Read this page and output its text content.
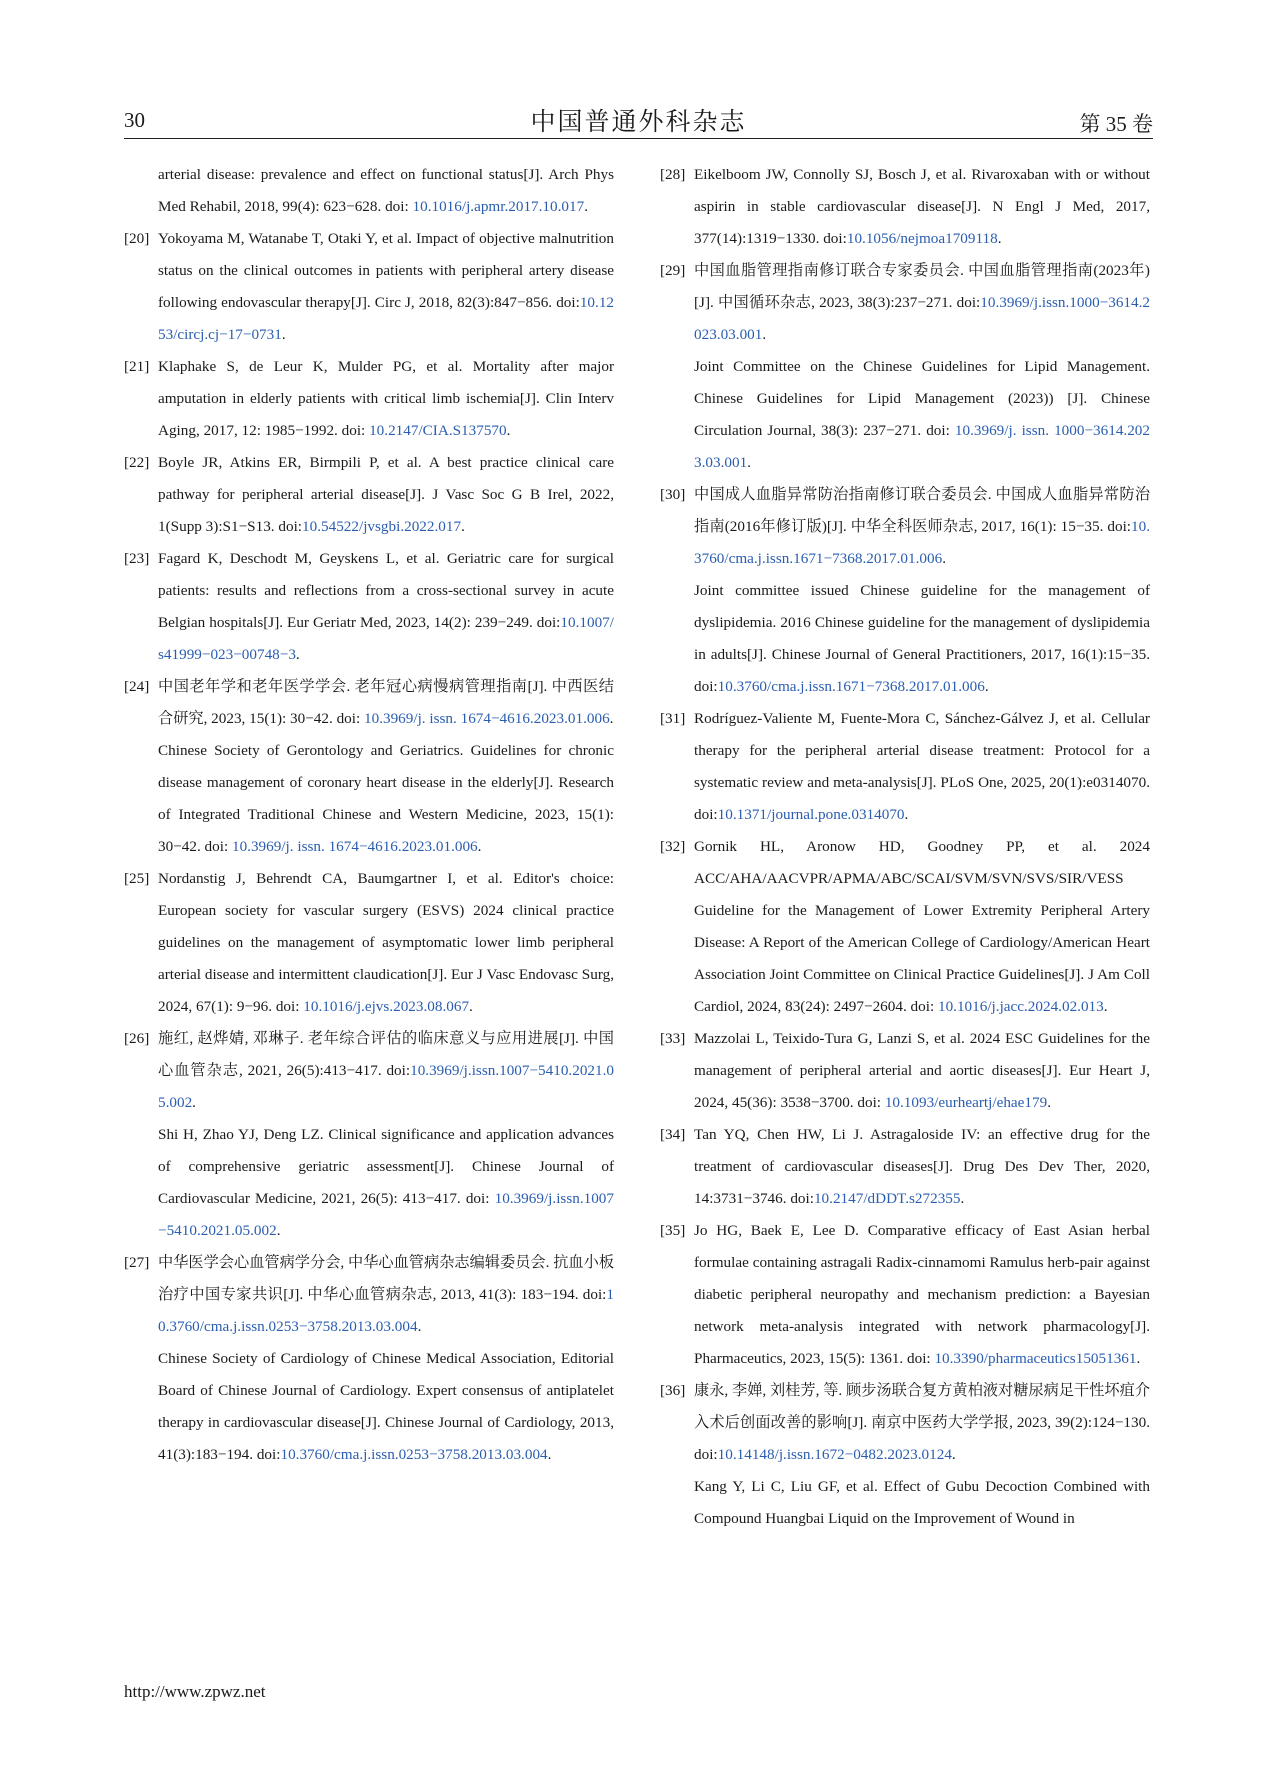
30	中国普通外科杂志	第 35 卷
arterial disease: prevalence and effect on functional status[J]. Arch Phys Med Rehabil, 2018, 99(4): 623−628. doi: 10.1016/j.apmr.2017.10.017.
[20] Yokoyama M, Watanabe T, Otaki Y, et al. Impact of objective malnutrition status on the clinical outcomes in patients with peripheral artery disease following endovascular therapy[J]. Circ J, 2018, 82(3):847−856. doi:10.1253/circj.cj−17−0731.
[21] Klaphake S, de Leur K, Mulder PG, et al. Mortality after major amputation in elderly patients with critical limb ischemia[J]. Clin Interv Aging, 2017, 12: 1985−1992. doi: 10.2147/CIA.S137570.
[22] Boyle JR, Atkins ER, Birmpili P, et al. A best practice clinical care pathway for peripheral arterial disease[J]. J Vasc Soc G B Irel, 2022, 1(Supp 3):S1−S13. doi:10.54522/jvsgbi.2022.017.
[23] Fagard K, Deschodt M, Geyskens L, et al. Geriatric care for surgical patients: results and reflections from a cross-sectional survey in acute Belgian hospitals[J]. Eur Geriatr Med, 2023, 14(2): 239−249. doi:10.1007/s41999−023−00748−3.
[24] 中国老年学和老年医学学会. 老年冠心病慢病管理指南[J]. 中西医结合研究, 2023, 15(1): 30−42. doi: 10.3969/j. issn. 1674−4616.2023.01.006.
Chinese Society of Gerontology and Geriatrics. Guidelines for chronic disease management of coronary heart disease in the elderly[J]. Research of Integrated Traditional Chinese and Western Medicine, 2023, 15(1): 30−42. doi: 10.3969/j. issn. 1674−4616.2023.01.006.
[25] Nordanstig J, Behrendt CA, Baumgartner I, et al. Editor's choice: European society for vascular surgery (ESVS) 2024 clinical practice guidelines on the management of asymptomatic lower limb peripheral arterial disease and intermittent claudication[J]. Eur J Vasc Endovasc Surg, 2024, 67(1): 9−96. doi: 10.1016/j.ejvs.2023.08.067.
[26] 施红, 赵烨婧, 邓琳子. 老年综合评估的临床意义与应用进展[J]. 中国心血管杂志, 2021, 26(5):413−417. doi:10.3969/j.issn.1007−5410.2021.05.002.
Shi H, Zhao YJ, Deng LZ. Clinical significance and application advances of comprehensive geriatric assessment[J]. Chinese Journal of Cardiovascular Medicine, 2021, 26(5): 413−417. doi: 10.3969/j.issn.1007−5410.2021.05.002.
[27] 中华医学会心血管病学分会, 中华心血管病杂志编辑委员会. 抗血小板治疗中国专家共识[J]. 中华心血管病杂志, 2013, 41(3): 183−194. doi:10.3760/cma.j.issn.0253−3758.2013.03.004.
Chinese Society of Cardiology of Chinese Medical Association, Editorial Board of Chinese Journal of Cardiology. Expert consensus of antiplatelet therapy in cardiovascular disease[J]. Chinese Journal of Cardiology, 2013, 41(3):183−194. doi:10.3760/cma.j.issn.0253−3758.2013.03.004.
[28] Eikelboom JW, Connolly SJ, Bosch J, et al. Rivaroxaban with or without aspirin in stable cardiovascular disease[J]. N Engl J Med, 2017, 377(14):1319−1330. doi:10.1056/nejmoa1709118.
[29] 中国血脂管理指南修订联合专家委员会. 中国血脂管理指南(2023年)[J]. 中国循环杂志, 2023, 38(3):237−271. doi:10.3969/j.issn.1000−3614.2023.03.001.
Joint Committee on the Chinese Guidelines for Lipid Management. Chinese Guidelines for Lipid Management (2023)) [J]. Chinese Circulation Journal, 38(3): 237−271. doi: 10.3969/j. issn. 1000−3614.2023.03.001.
[30] 中国成人血脂异常防治指南修订联合委员会. 中国成人血脂异常防治指南(2016年修订版)[J]. 中华全科医师杂志, 2017, 16(1): 15−35. doi:10.3760/cma.j.issn.1671−7368.2017.01.006.
Joint committee issued Chinese guideline for the management of dyslipidemia. 2016 Chinese guideline for the management of dyslipidemia in adults[J]. Chinese Journal of General Practitioners, 2017, 16(1):15−35. doi:10.3760/cma.j.issn.1671−7368.2017.01.006.
[31] Rodríguez-Valiente M, Fuente-Mora C, Sánchez-Gálvez J, et al. Cellular therapy for the peripheral arterial disease treatment: Protocol for a systematic review and meta-analysis[J]. PLoS One, 2025, 20(1):e0314070. doi:10.1371/journal.pone.0314070.
[32] Gornik HL, Aronow HD, Goodney PP, et al. 2024 ACC/AHA/AACVPR/APMA/ABC/SCAI/SVM/SVN/SVS/SIR/VESS Guideline for the Management of Lower Extremity Peripheral Artery Disease: A Report of the American College of Cardiology/American Heart Association Joint Committee on Clinical Practice Guidelines[J]. J Am Coll Cardiol, 2024, 83(24): 2497−2604. doi: 10.1016/j.jacc.2024.02.013.
[33] Mazzolai L, Teixido-Tura G, Lanzi S, et al. 2024 ESC Guidelines for the management of peripheral arterial and aortic diseases[J]. Eur Heart J, 2024, 45(36): 3538−3700. doi: 10.1093/eurheartj/ehae179.
[34] Tan YQ, Chen HW, Li J. Astragaloside IV: an effective drug for the treatment of cardiovascular diseases[J]. Drug Des Dev Ther, 2020, 14:3731−3746. doi:10.2147/dDDT.s272355.
[35] Jo HG, Baek E, Lee D. Comparative efficacy of East Asian herbal formulae containing astragali Radix-cinnamomi Ramulus herb-pair against diabetic peripheral neuropathy and mechanism prediction: a Bayesian network meta-analysis integrated with network pharmacology[J]. Pharmaceutics, 2023, 15(5): 1361. doi: 10.3390/pharmaceutics15051361.
[36] 康永, 李婵, 刘桂芳, 等. 顾步汤联合复方黄柏液对糖尿病足干性坏疽介入术后创面改善的影响[J]. 南京中医药大学学报, 2023, 39(2):124−130. doi:10.14148/j.issn.1672−0482.2023.0124.
Kang Y, Li C, Liu GF, et al. Effect of Gubu Decoction Combined with Compound Huangbai Liquid on the Improvement of Wound in
http://www.zpwz.net
